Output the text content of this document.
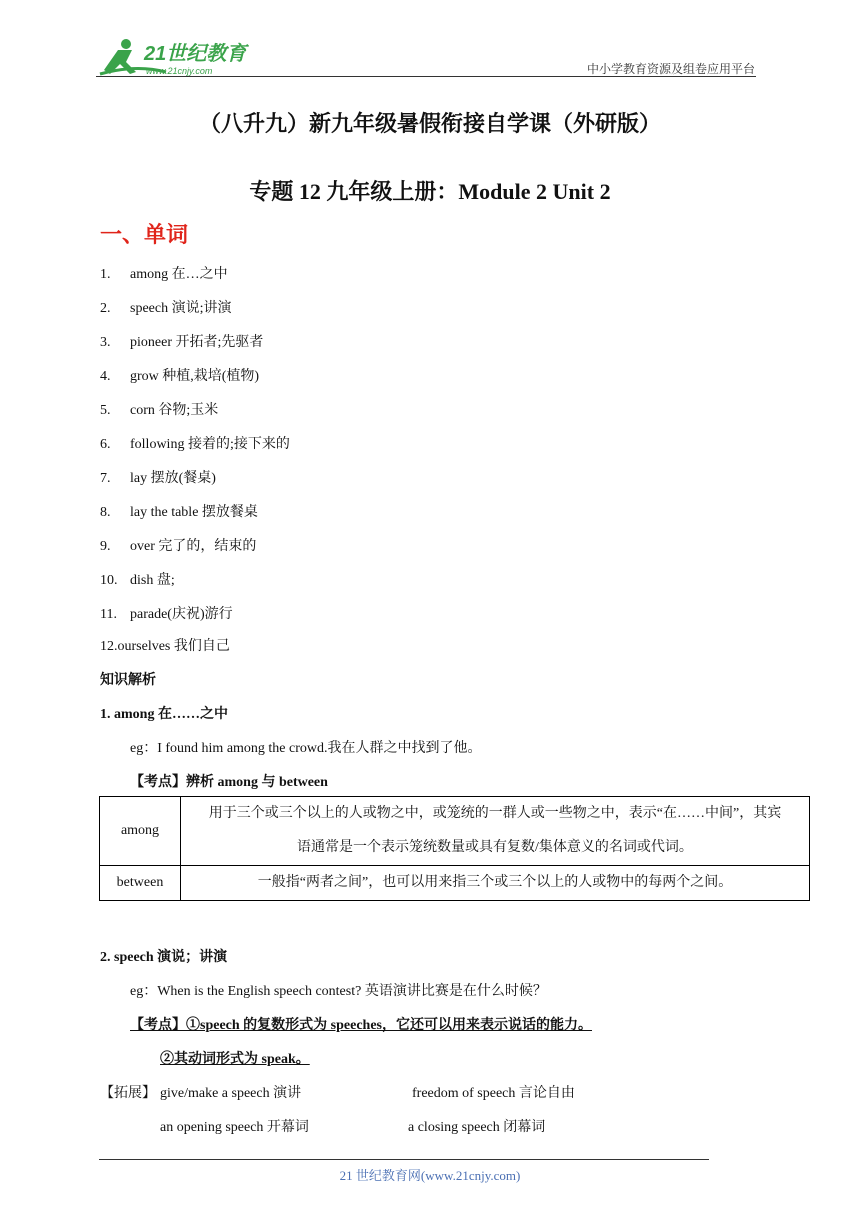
21世纪教育
www.21cnjy.com	中小学教育资源及组卷应用平台
（八升九）新九年级暑假衔接自学课（外研版）
专题 12 九年级上册：Module 2 Unit 2
一、单词
1. among 在…之中
2. speech 演说;讲演
3. pioneer 开拓者;先驱者
4. grow 种植,栽培(植物)
5. corn 谷物;玉米
6. following 接着的;接下来的
7. lay 摆放(餐桌)
8. lay the table 摆放餐桌
9. over 完了的，结束的
10. dish 盘;
11. parade(庆祝)游行
12.ourselves 我们自己
知识解析
1. among 在……之中
eg：I found him among the crowd.我在人群之中找到了他。
【考点】辨析 among 与 between
among	用于三个或三个以上的人或物之中，或笼统的一群人或一些物之中，表示“在……中间”，其宾
语通常是一个表示笼统数量或具有复数/集体意义的名词或代词。

between	一般指“两者之间”，也可以用来指三个或三个以上的人或物中的每两个之间。
2. speech 演说；讲演
eg：When is the English speech contest? 英语演讲比赛是在什么时候？
【考点】①speech 的复数形式为 speeches，它还可以用来表示说话的能力。
②其动词形式为 speak。
【拓展】 give/make a speech 演讲	freedom of speech 言论自由
an opening speech 开幕词	a closing speech 闭幕词
21 世纪教育网(www.21cnjy.com)
